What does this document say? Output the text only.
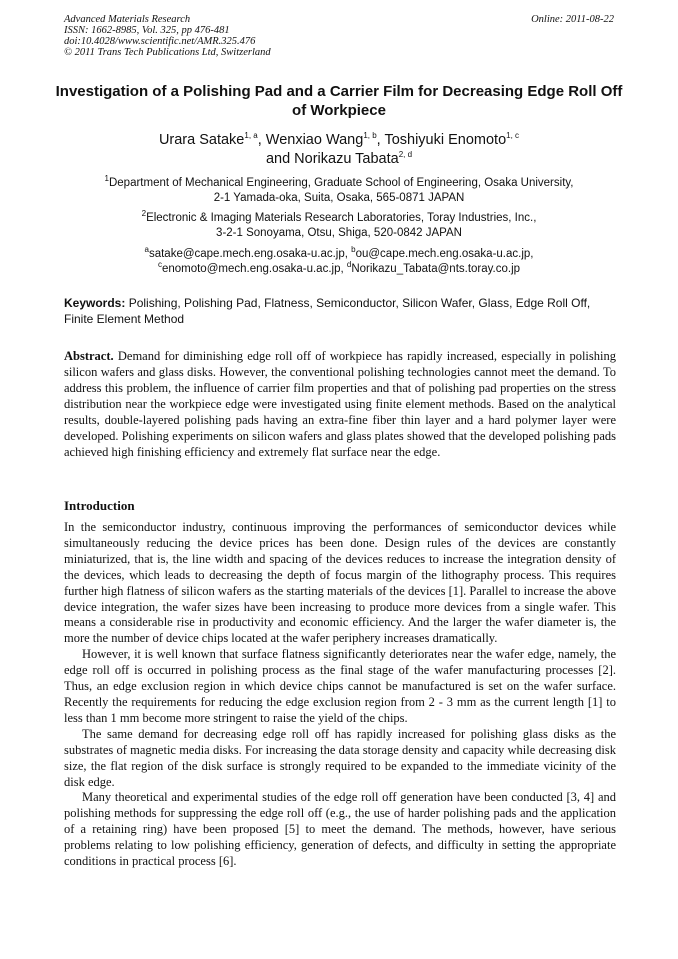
Advanced Materials Research
ISSN: 1662-8985, Vol. 325, pp 476-481
doi:10.4028/www.scientific.net/AMR.325.476
© 2011 Trans Tech Publications Ltd, Switzerland
Online: 2011-08-22
Investigation of a Polishing Pad and a Carrier Film for Decreasing Edge Roll Off of Workpiece
Urara Satake$^{1, a}$, Wenxiao Wang$^{1, b}$, Toshiyuki Enomoto$^{1, c}$
and Norikazu Tabata$^{2, d}$
$^1$Department of Mechanical Engineering, Graduate School of Engineering, Osaka University,
2-1 Yamada-oka, Suita, Osaka, 565-0871 JAPAN
$^2$Electronic & Imaging Materials Research Laboratories, Toray Industries, Inc.,
3-2-1 Sonoyama, Otsu, Shiga, 520-0842 JAPAN
$^a$satake@cape.mech.eng.osaka-u.ac.jp, $^b$ou@cape.mech.eng.osaka-u.ac.jp,
$^c$enomoto@mech.eng.osaka-u.ac.jp, $^d$Norikazu_Tabata@nts.toray.co.jp
Keywords: Polishing, Polishing Pad, Flatness, Semiconductor, Silicon Wafer, Glass, Edge Roll Off, Finite Element Method
Abstract. Demand for diminishing edge roll off of workpiece has rapidly increased, especially in polishing silicon wafers and glass disks. However, the conventional polishing technologies cannot meet the demand. To address this problem, the influence of carrier film properties and that of polishing pad properties on the stress distribution near the workpiece edge were investigated using finite element methods. Based on the analytical results, double-layered polishing pads having an extra-fine fiber thin layer and a hard polymer layer were developed. Polishing experiments on silicon wafers and glass plates showed that the developed polishing pads achieved high finishing efficiency and extremely flat surface near the edge.
Introduction

In the semiconductor industry, continuous improving the performances of semiconductor devices while simultaneously reducing the device prices has been done. Design rules of the devices are constantly miniaturized, that is, the line width and spacing of the devices reduces to increase the integration density of the devices, which leads to decreasing the depth of focus margin of the lithography process. This requires further high flatness of silicon wafers as the starting materials of the devices [1]. Parallel to increase the above device integration, the wafer sizes have been increasing to produce more devices from a single wafer. This means a considerable rise in productivity and economic efficiency. And the larger the wafer diameter is, the more the number of device chips located at the wafer periphery increases dramatically.

However, it is well known that surface flatness significantly deteriorates near the wafer edge, namely, the edge roll off is occurred in polishing process as the final stage of the wafer manufacturing processes [2]. Thus, an edge exclusion region in which device chips cannot be manufactured is set on the wafer surface. Recently the requirements for reducing the edge exclusion region from 2 - 3 mm as the current length [1] to less than 1 mm become more stringent to raise the yield of the chips.

The same demand for decreasing edge roll off has rapidly increased for polishing glass disks as the substrates of magnetic media disks. For increasing the data storage density and capacity while decreasing disk size, the flat region of the disk surface is strongly required to be expanded to the immediate vicinity of the disk edge.

Many theoretical and experimental studies of the edge roll off generation have been conducted [3, 4] and polishing methods for suppressing the edge roll off (e.g., the use of harder polishing pads and the application of a retaining ring) have been proposed [5] to meet the demand. The methods, however, have serious problems relating to low polishing efficiency, generation of defects, and difficulty in setting the appropriate conditions in practical process [6].
